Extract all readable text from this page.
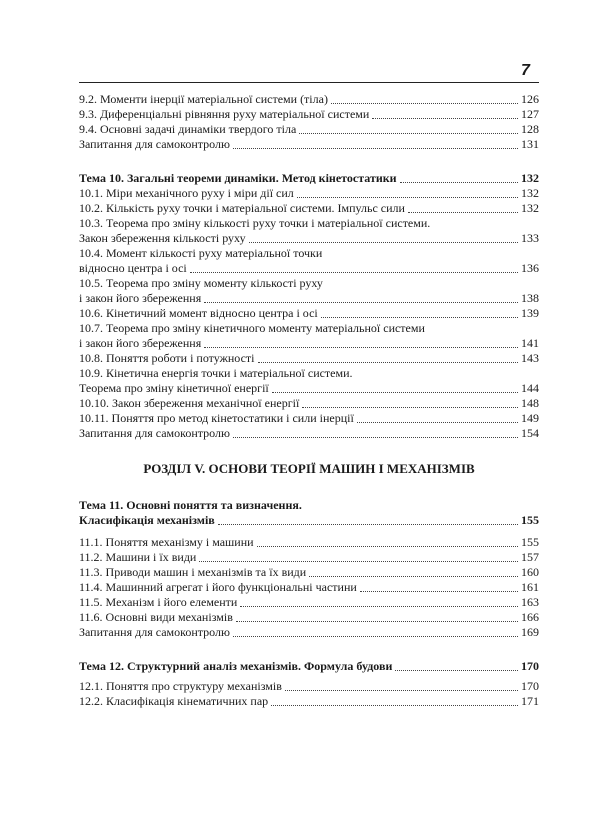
7
9.2. Моменти інерції матеріальної системи (тіла)	126
9.3. Диференціальні рівняння руху матеріальної системи	127
9.4. Основні задачі динаміки твердого тіла	128
Запитання для самоконтролю	131
Тема 10. Загальні теореми динаміки. Метод кінетостатики	132
10.1. Міри механічного руху і міри дії сил	132
10.2. Кількість руху точки і матеріальної системи. Імпульс сили	132
10.3. Теорема про зміну кількості руху точки і матеріальної системи.
Закон збереження кількості руху	133
10.4. Момент кількості руху матеріальної точки
відносно центра і осі	136
10.5. Теорема про зміну моменту кількості руху
і закон його збереження	138
10.6. Кінетичний момент відносно центра і осі	139
10.7. Теорема про зміну кінетичного моменту матеріальної системи
і закон його збереження	141
10.8. Поняття роботи і потужності	143
10.9. Кінетична енергія точки і матеріальної системи.
Теорема про зміну кінетичної енергії	144
10.10. Закон збереження механічної енергії	148
10.11. Поняття про метод кінетостатики і сили інерції	149
Запитання для самоконтролю	154
РОЗДІЛ V. ОСНОВИ ТЕОРІЇ МАШИН І МЕХАНІЗМІВ
Тема 11. Основні поняття та визначення.
Класифікація механізмів	155
11.1. Поняття механізму і машини	155
11.2. Машини і їх види	157
11.3. Приводи машин і механізмів та їх види	160
11.4. Машинний агрегат і його функціональні частини	161
11.5. Механізм і його елементи	163
11.6. Основні види механізмів	166
Запитання для самоконтролю	169
Тема 12. Структурний аналіз механізмів. Формула будови	170
12.1. Поняття про структуру механізмів	170
12.2. Класифікація кінематичних пар	171
